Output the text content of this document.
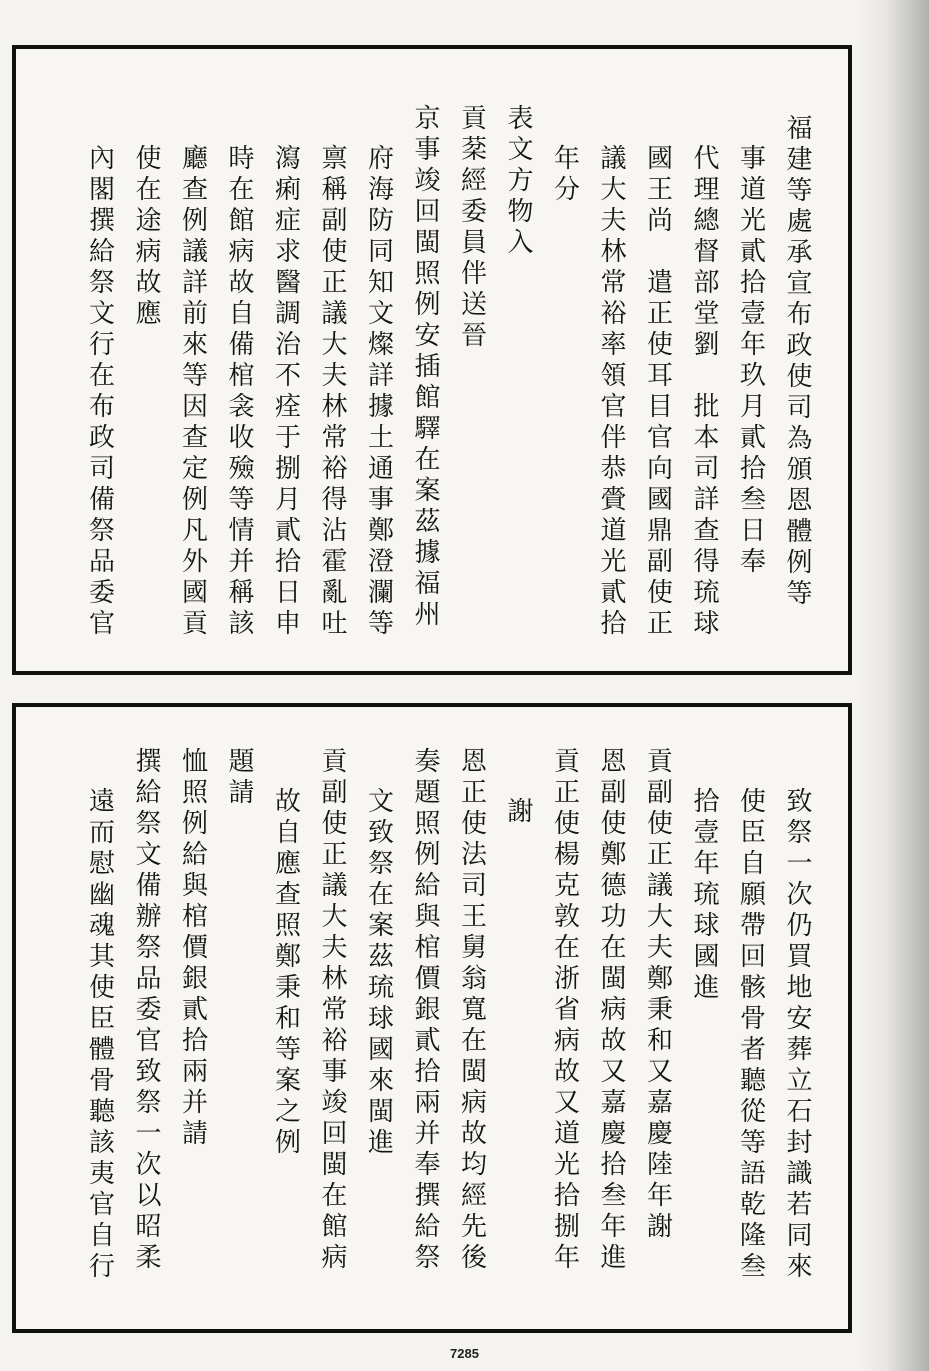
福建等處承宣布政使司為頒恩體例等
事道光貳拾壹年玖月貳拾叁日奉
代理總督部堂劉　批本司詳查得琉球
國王尚　遣正使耳目官向國鼎副使正
議大夫林常裕率領官伴恭賫道光貳拾
年分
表文方物入
貢棻經委員伴送晉
京事竣回閩照例安插館驛在案茲據福州
府海防同知文燦詳據土通事鄭澄瀾等
禀稱副使正議大夫林常裕得沾霍亂吐
瀉痢症求醫調治不痊于捌月貳拾日申
時在館病故自備棺衾收殮等情并稱該
廳查例議詳前來等因查定例凡外國貢
使在途病故應
內閣撰給祭文行在布政司備祭品委官
致祭一次仍買地安葬立石封識若同來
使臣自願帶回骸骨者聽從等語乾隆叁
拾壹年琉球國進
貢副使正議大夫鄭秉和又嘉慶陸年謝
恩副使鄭德功在閩病故又嘉慶拾叁年進
貢正使楊克敦在浙省病故又道光拾捌年
謝
恩正使法司王舅翁寬在閩病故均經先後
奏題照例給與棺價銀貳拾兩并奉撰給祭
文致祭在案茲琉球國來閩進
貢副使正議大夫林常裕事竣回閩在館病
故自應查照鄭秉和等案之例
題請
恤照例給與棺價銀貳拾兩并請
撰給祭文備辦祭品委官致祭一次以昭柔
遠而慰幽魂其使臣體骨聽該夷官自行
7285
